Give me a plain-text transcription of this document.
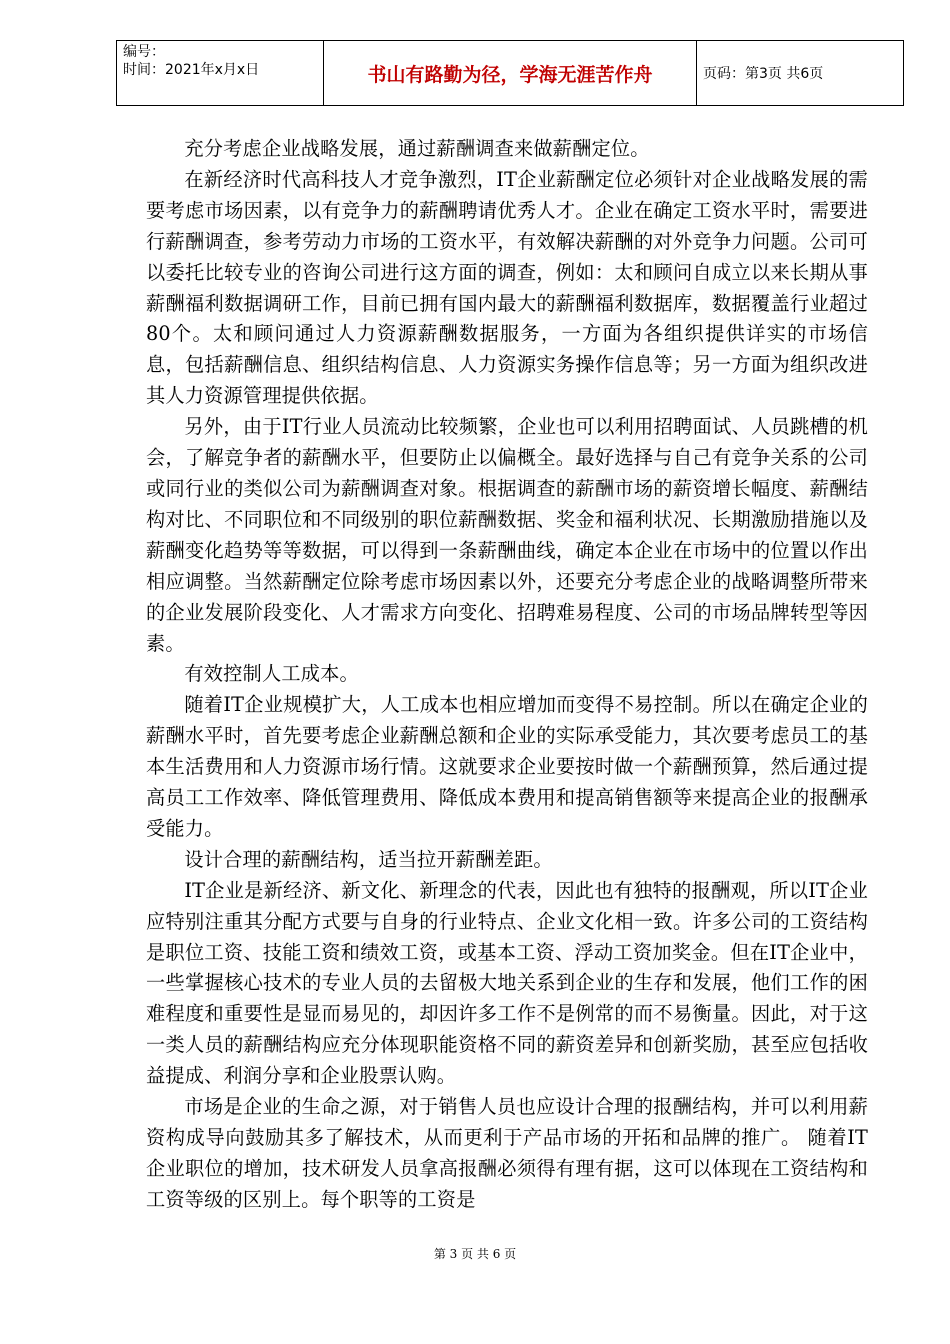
编号：
时间：2021年x月x日	书山有路勤为径，学海无涯苦作舟	页码：第3页 共6页

充分考虑企业战略发展，通过薪酬调查来做薪酬定位。

在新经济时代高科技人才竞争激烈，IT企业薪酬定位必须针对企业战略发展的需要考虑市场因素，以有竞争力的薪酬聘请优秀人才。企业在确定工资水平时，需要进行薪酬调查，参考劳动力市场的工资水平，有效解决薪酬的对外竞争力问题。公司可以委托比较专业的咨询公司进行这方面的调查，例如：太和顾问自成立以来长期从事薪酬福利数据调研工作，目前已拥有国内最大的薪酬福利数据库，数据覆盖行业超过80个。太和顾问通过人力资源薪酬数据服务，一方面为各组织提供详实的市场信息，包括薪酬信息、组织结构信息、人力资源实务操作信息等；另一方面为组织改进其人力资源管理提供依据。

另外，由于IT行业人员流动比较频繁，企业也可以利用招聘面试、人员跳槽的机会，了解竞争者的薪酬水平，但要防止以偏概全。最好选择与自己有竞争关系的公司或同行业的类似公司为薪酬调查对象。根据调查的薪酬市场的薪资增长幅度、薪酬结构对比、不同职位和不同级别的职位薪酬数据、奖金和福利状况、长期激励措施以及薪酬变化趋势等等数据，可以得到一条薪酬曲线，确定本企业在市场中的位置以作出相应调整。当然薪酬定位除考虑市场因素以外，还要充分考虑企业的战略调整所带来的企业发展阶段变化、人才需求方向变化、招聘难易程度、公司的市场品牌转型等因素。

有效控制人工成本。

随着IT企业规模扩大，人工成本也相应增加而变得不易控制。所以在确定企业的薪酬水平时，首先要考虑企业薪酬总额和企业的实际承受能力，其次要考虑员工的基本生活费用和人力资源市场行情。这就要求企业要按时做一个薪酬预算，然后通过提高员工工作效率、降低管理费用、降低成本费用和提高销售额等来提高企业的报酬承受能力。

设计合理的薪酬结构，适当拉开薪酬差距。

IT企业是新经济、新文化、新理念的代表，因此也有独特的报酬观，所以IT企业应特别注重其分配方式要与自身的行业特点、企业文化相一致。许多公司的工资结构是职位工资、技能工资和绩效工资，或基本工资、浮动工资加奖金。但在IT企业中，一些掌握核心技术的专业人员的去留极大地关系到企业的生存和发展，他们工作的困难程度和重要性是显而易见的，却因许多工作不是例常的而不易衡量。因此，对于这一类人员的薪酬结构应充分体现职能资格不同的薪资差异和创新奖励，甚至应包括收益提成、利润分享和企业股票认购。

市场是企业的生命之源，对于销售人员也应设计合理的报酬结构，并可以利用薪资构成导向鼓励其多了解技术，从而更利于产品市场的开拓和品牌的推广。 随着IT企业职位的增加，技术研发人员拿高报酬必须得有理有据，这可以体现在工资结构和工资等级的区别上。每个职等的工资是

第 3 页 共 6 页
